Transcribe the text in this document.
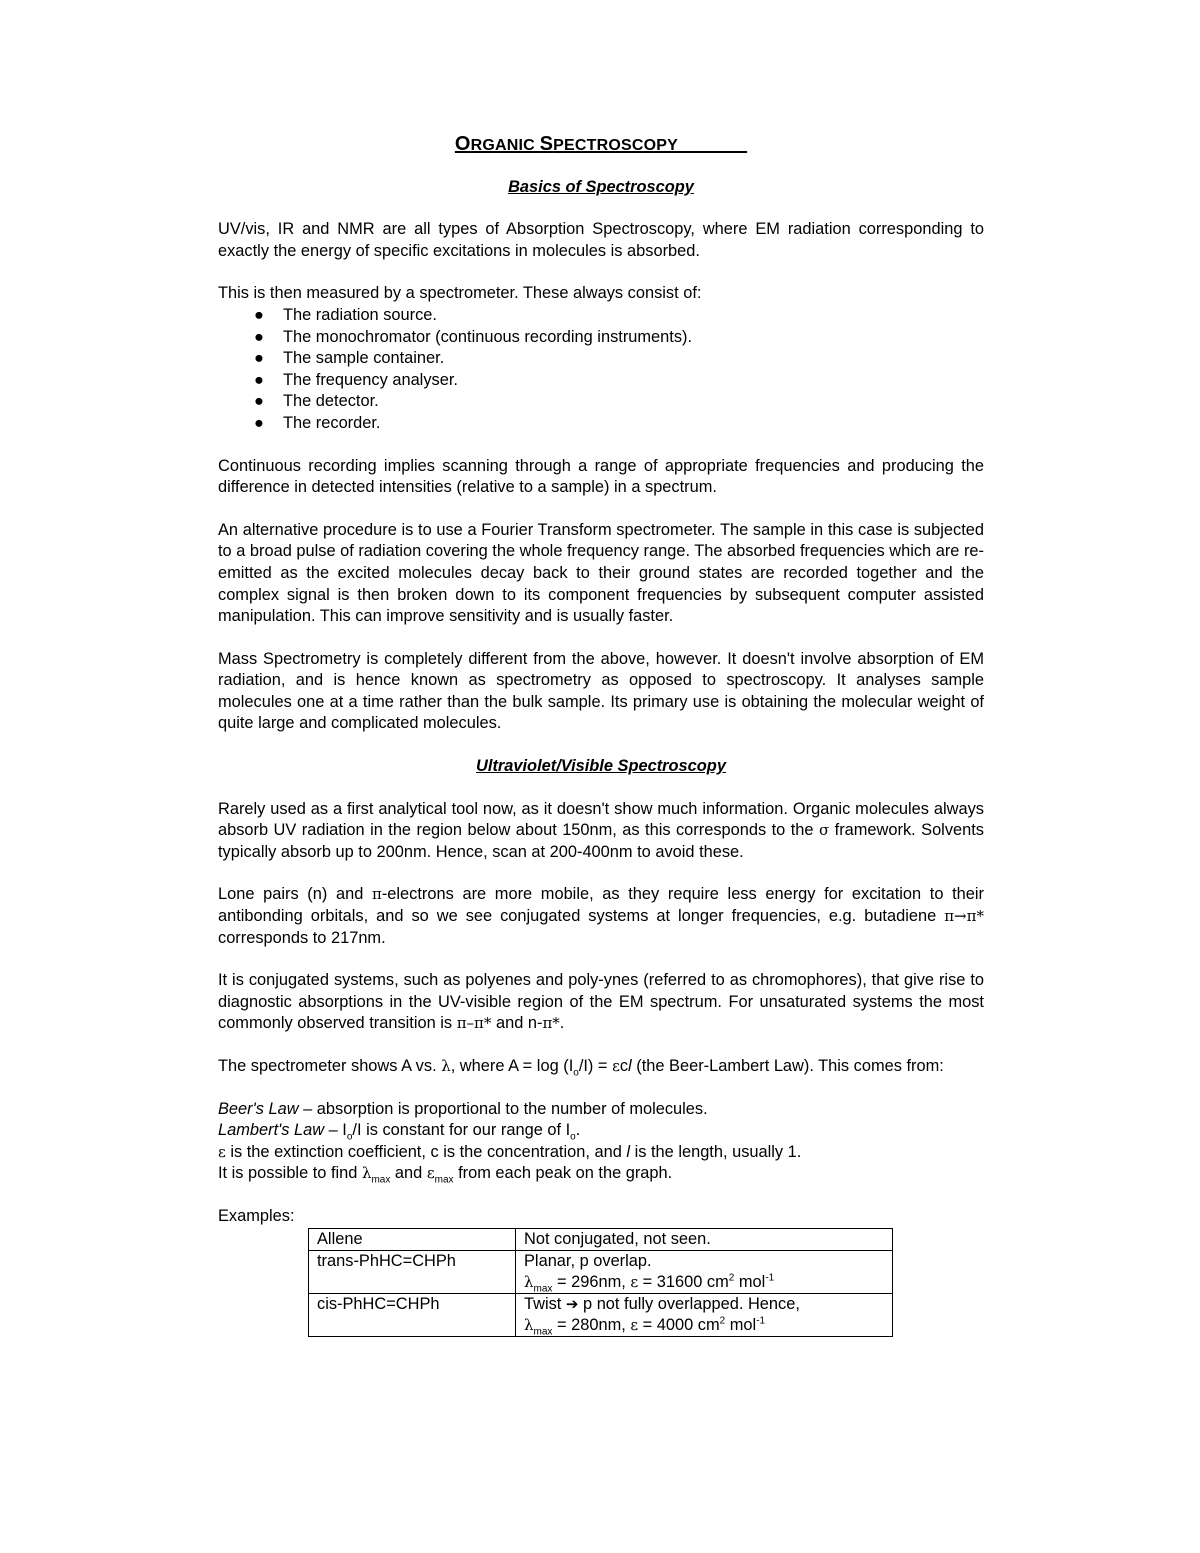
ORGANIC SPECTROSCOPY
Basics of Spectroscopy

UV/vis, IR and NMR are all types of Absorption Spectroscopy, where EM radiation corresponding to exactly the energy of specific excitations in molecules is absorbed.

This is then measured by a spectrometer. These always consist of:

● The radiation source.
● The monochromator (continuous recording instruments).
● The sample container.
● The frequency analyser.
● The detector.
● The recorder.

Continuous recording implies scanning through a range of appropriate frequencies and producing the difference in detected intensities (relative to a sample) in a spectrum.

An alternative procedure is to use a Fourier Transform spectrometer. The sample in this case is subjected to a broad pulse of radiation covering the whole frequency range. The absorbed frequencies which are re-emitted as the excited molecules decay back to their ground states are recorded together and the complex signal is then broken down to its component frequencies by subsequent computer assisted manipulation. This can improve sensitivity and is usually faster.

Mass Spectrometry is completely different from the above, however. It doesn't involve absorption of EM radiation, and is hence known as spectrometry as opposed to spectroscopy. It analyses sample molecules one at a time rather than the bulk sample. Its primary use is obtaining the molecular weight of quite large and complicated molecules.

Ultraviolet/Visible Spectroscopy

Rarely used as a first analytical tool now, as it doesn't show much information. Organic molecules always absorb UV radiation in the region below about 150nm, as this corresponds to the σ framework. Solvents typically absorb up to 200nm. Hence, scan at 200-400nm to avoid these.

Lone pairs (n) and π-electrons are more mobile, as they require less energy for excitation to their antibonding orbitals, and so we see conjugated systems at longer frequencies, e.g. butadiene π→π* corresponds to 217nm.

It is conjugated systems, such as polyenes and poly-ynes (referred to as chromophores), that give rise to diagnostic absorptions in the UV-visible region of the EM spectrum. For unsaturated systems the most commonly observed transition is π–π* and n-π*.

The spectrometer shows A vs. λ, where $A = \log (I_o/I) = \varepsilon cl$ (the Beer-Lambert Law). This comes from:

Beer's Law – absorption is proportional to the number of molecules.
Lambert's Law – $I_o/I$ is constant for our range of $I_o$.
ε is the extinction coefficient, c is the concentration, and l is the length, usually 1.
It is possible to find $\lambda_{max}$ and $\varepsilon_{max}$ from each peak on the graph.
Examples:
Allene	Not conjugated, not seen.
trans-PhHC=CHPh	Planar, p overlap.
$\lambda_{max} = 296nm$, ε = 31600 $cm^2$ mol$^{-1}$

cis-PhHC=CHPh	Twist ➔ p not fully overlapped. Hence,
$\lambda_{max} = 280nm$, ε = 4000 $cm^2$ mol$^{-1}$
